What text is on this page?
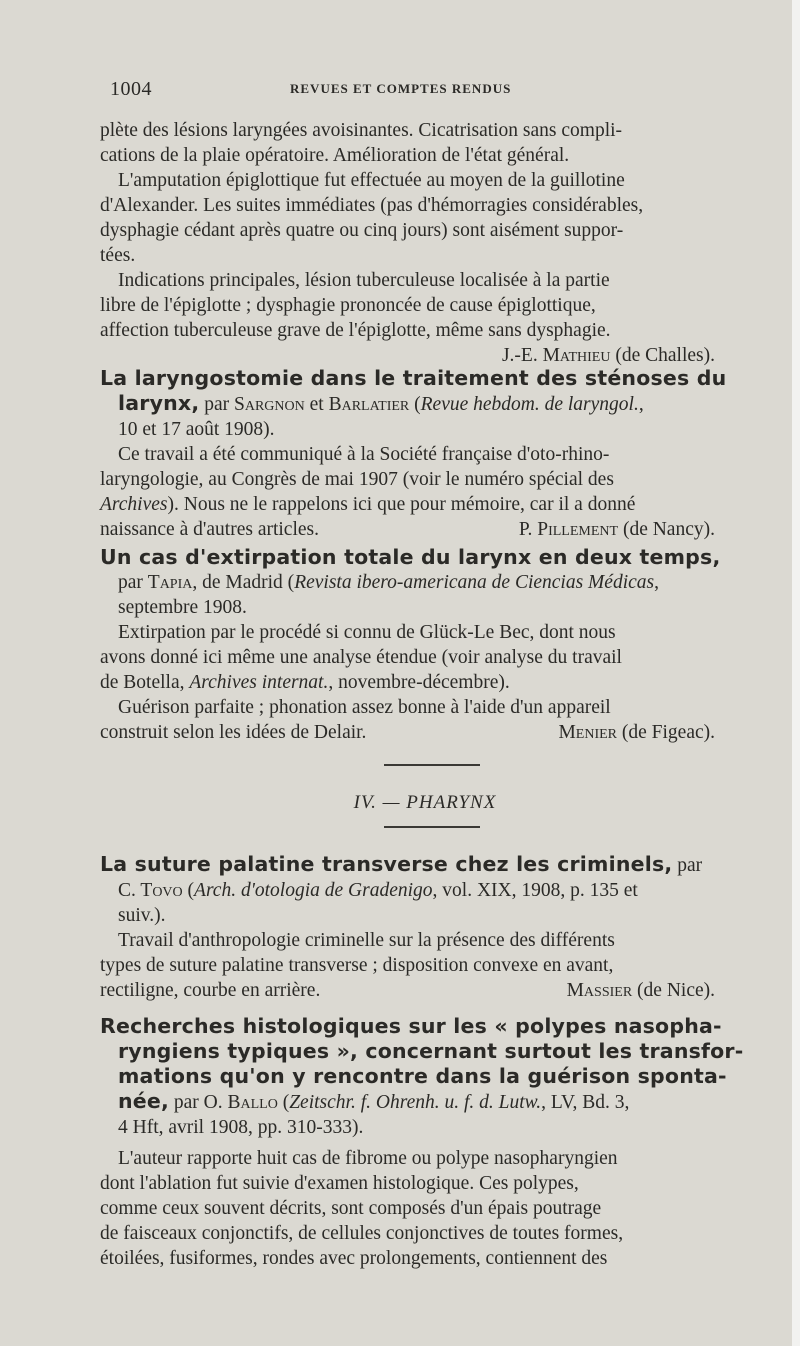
1004	REVUES ET COMPTES RENDUS
plète des lésions laryngées avoisinantes. Cicatrisation sans compli-
cations de la plaie opératoire. Amélioration de l'état général.
L'amputation épiglottique fut effectuée au moyen de la guillotine
d'Alexander. Les suites immédiates (pas d'hémorragies considérables,
dysphagie cédant après quatre ou cinq jours) sont aisément suppor-
tées.
Indications principales, lésion tuberculeuse localisée à la partie
libre de l'épiglotte ; dysphagie prononcée de cause épiglottique,
affection tuberculeuse grave de l'épiglotte, même sans dysphagie.
J.-E. Mathieu (de Challes).
La laryngostomie dans le traitement des sténoses du
larynx, par Sargnon et Barlatier (Revue hebdom. de laryngol.,
10 et 17 août 1908).
Ce travail a été communiqué à la Société française d'oto-rhino-
laryngologie, au Congrès de mai 1907 (voir le numéro spécial des
Archives). Nous ne le rappelons ici que pour mémoire, car il a donné
naissance à d'autres articles.	P. Pillement (de Nancy).
Un cas d'extirpation totale du larynx en deux temps,
par Tapia, de Madrid (Revista ibero-americana de Ciencias Médicas,
septembre 1908.
Extirpation par le procédé si connu de Glück-Le Bec, dont nous
avons donné ici même une analyse étendue (voir analyse du travail
de Botella, Archives internat., novembre-décembre).
Guérison parfaite ; phonation assez bonne à l'aide d'un appareil
construit selon les idées de Delair.	Menier (de Figeac).
IV. — PHARYNX
La suture palatine transverse chez les criminels, par
C. Tovo (Arch. d'otologia de Gradenigo, vol. XIX, 1908, p. 135 et
suiv.).
Travail d'anthropologie criminelle sur la présence des différents
types de suture palatine transverse ; disposition convexe en avant,
rectiligne, courbe en arrière.	Massier (de Nice).
Recherches histologiques sur les « polypes nasopha-
ryngiens typiques », concernant surtout les transfor-
mations qu'on y rencontre dans la guérison sponta-
née, par O. Ballo (Zeitschr. f. Ohrenh. u. f. d. Lutw., LV, Bd. 3,
4 Hft, avril 1908, pp. 310-333).
L'auteur rapporte huit cas de fibrome ou polype nasopharyngien
dont l'ablation fut suivie d'examen histologique. Ces polypes,
comme ceux souvent décrits, sont composés d'un épais poutrage
de faisceaux conjonctifs, de cellules conjonctives de toutes formes,
étoilées, fusiformes, rondes avec prolongements, contiennent des
